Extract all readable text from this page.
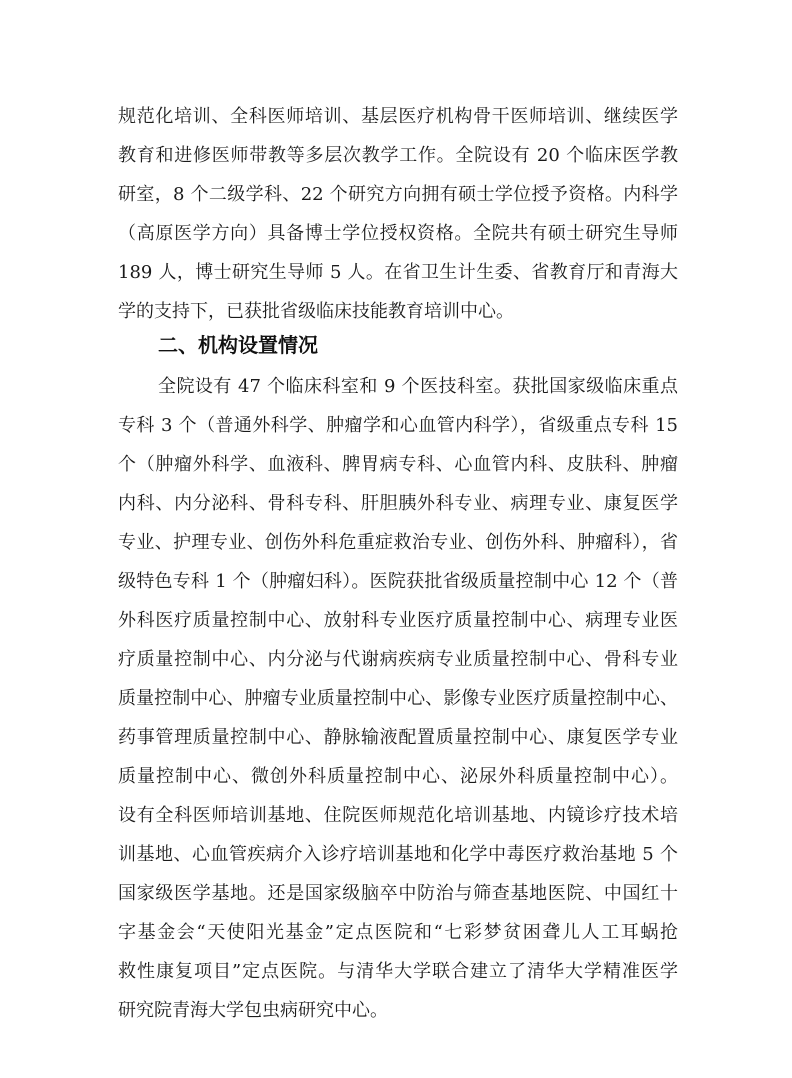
规范化培训、全科医师培训、基层医疗机构骨干医师培训、继续医学
教育和进修医师带教等多层次教学工作。全院设有 20 个临床医学教
研室，8 个二级学科、22 个研究方向拥有硕士学位授予资格。内科学
（高原医学方向）具备博士学位授权资格。全院共有硕士研究生导师
189 人，博士研究生导师 5 人。在省卫生计生委、省教育厅和青海大
学的支持下，已获批省级临床技能教育培训中心。
二、机构设置情况
全院设有 47 个临床科室和 9 个医技科室。获批国家级临床重点
专科 3 个（普通外科学、肿瘤学和心血管内科学），省级重点专科 15
个（肿瘤外科学、血液科、脾胃病专科、心血管内科、皮肤科、肿瘤
内科、内分泌科、骨科专科、肝胆胰外科专业、病理专业、康复医学
专业、护理专业、创伤外科危重症救治专业、创伤外科、肿瘤科），省
级特色专科 1 个（肿瘤妇科）。医院获批省级质量控制中心 12 个（普
外科医疗质量控制中心、放射科专业医疗质量控制中心、病理专业医
疗质量控制中心、内分泌与代谢病疾病专业质量控制中心、骨科专业
质量控制中心、肿瘤专业质量控制中心、影像专业医疗质量控制中心、
药事管理质量控制中心、静脉输液配置质量控制中心、康复医学专业
质量控制中心、微创外科质量控制中心、泌尿外科质量控制中心）。
设有全科医师培训基地、住院医师规范化培训基地、内镜诊疗技术培
训基地、心血管疾病介入诊疗培训基地和化学中毒医疗救治基地 5 个
国家级医学基地。还是国家级脑卒中防治与筛查基地医院、中国红十
字基金会“天使阳光基金”定点医院和“七彩梦贫困聋儿人工耳蜗抢
救性康复项目”定点医院。与清华大学联合建立了清华大学精准医学
研究院青海大学包虫病研究中心。
